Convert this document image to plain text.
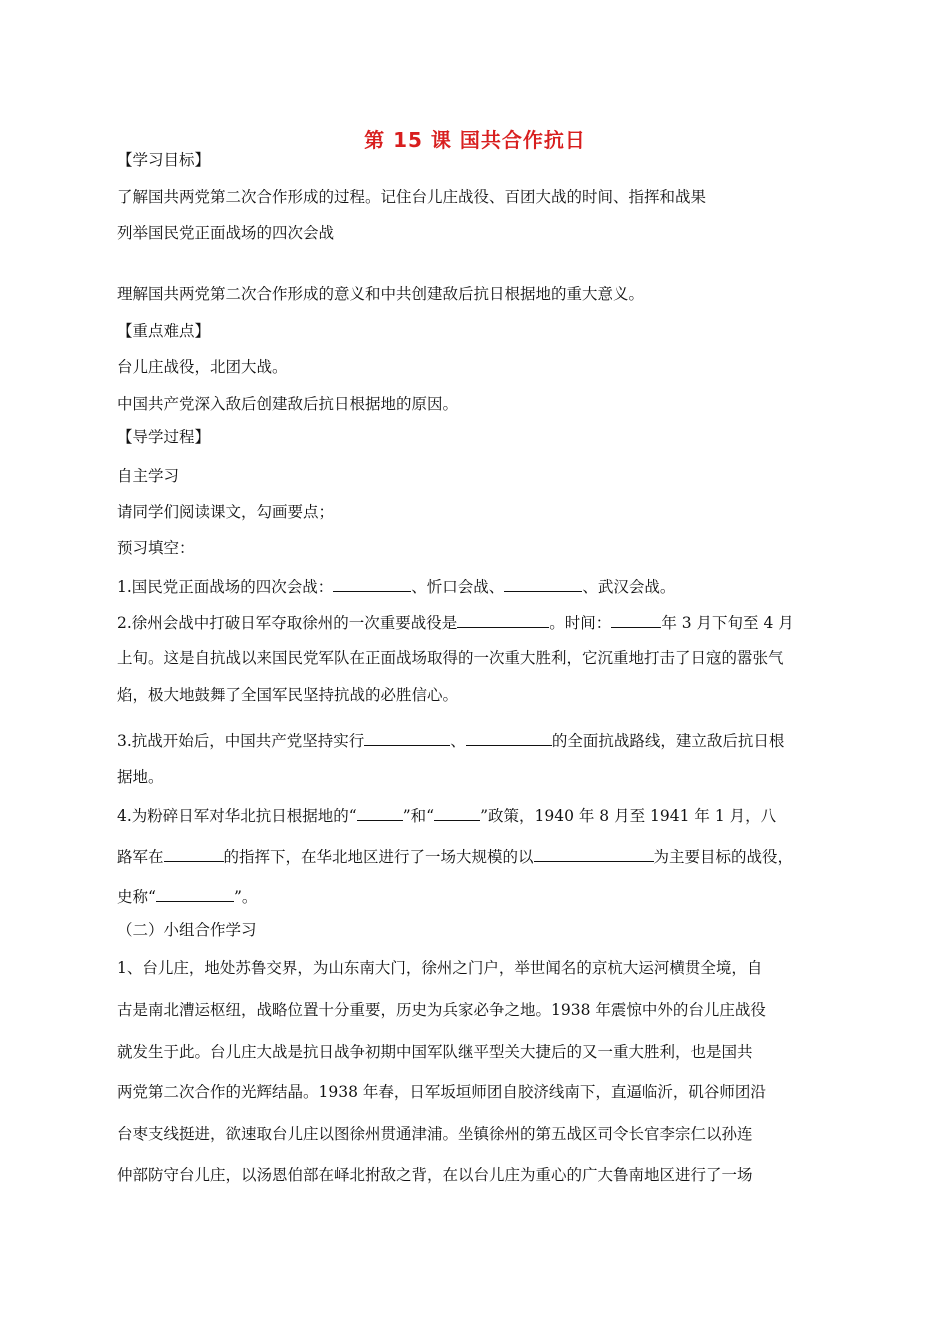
第 15 课 国共合作抗日
【学习目标】
了解国共两党第二次合作形成的过程。记住台儿庄战役、百团大战的时间、指挥和战果
列举国民党正面战场的四次会战
理解国共两党第二次合作形成的意义和中共创建敌后抗日根据地的重大意义。
【重点难点】
台儿庄战役，北团大战。
中国共产党深入敌后创建敌后抗日根据地的原因。
【导学过程】
自主学习
请同学们阅读课文，勾画要点；
预习填空：
1.国民党正面战场的四次会战：	、忻口会战、	、武汉会战。
2.徐州会战中打破日军夺取徐州的一次重要战役是	。时间：	年 3 月下旬至 4 月
上旬。这是自抗战以来国民党军队在正面战场取得的一次重大胜利，它沉重地打击了日寇的嚣张气
焰，极大地鼓舞了全国军民坚持抗战的必胜信心。
3.抗战开始后，中国共产党坚持实行	、	的全面抗战路线，建立敌后抗日根
据地。
4.为粉碎日军对华北抗日根据地的“	”和“	”政策，1940 年 8 月至 1941 年 1 月，八
路军在	的指挥下，在华北地区进行了一场大规模的以	为主要目标的战役，
史称“	”。
（二）小组合作学习
1、台儿庄，地处苏鲁交界，为山东南大门，徐州之门户，举世闻名的京杭大运河横贯全境，自
古是南北漕运枢纽，战略位置十分重要，历史为兵家必争之地。1938 年震惊中外的台儿庄战役
就发生于此。台儿庄大战是抗日战争初期中国军队继平型关大捷后的又一重大胜利，也是国共
两党第二次合作的光辉结晶。1938 年春，日军坂垣师团自胶济线南下，直逼临沂，矶谷师团沿
台枣支线挺进，欲速取台儿庄以图徐州贯通津浦。坐镇徐州的第五战区司令长官李宗仁以孙连
仲部防守台儿庄，以汤恩伯部在峄北拊敌之背，在以台儿庄为重心的广大鲁南地区进行了一场
